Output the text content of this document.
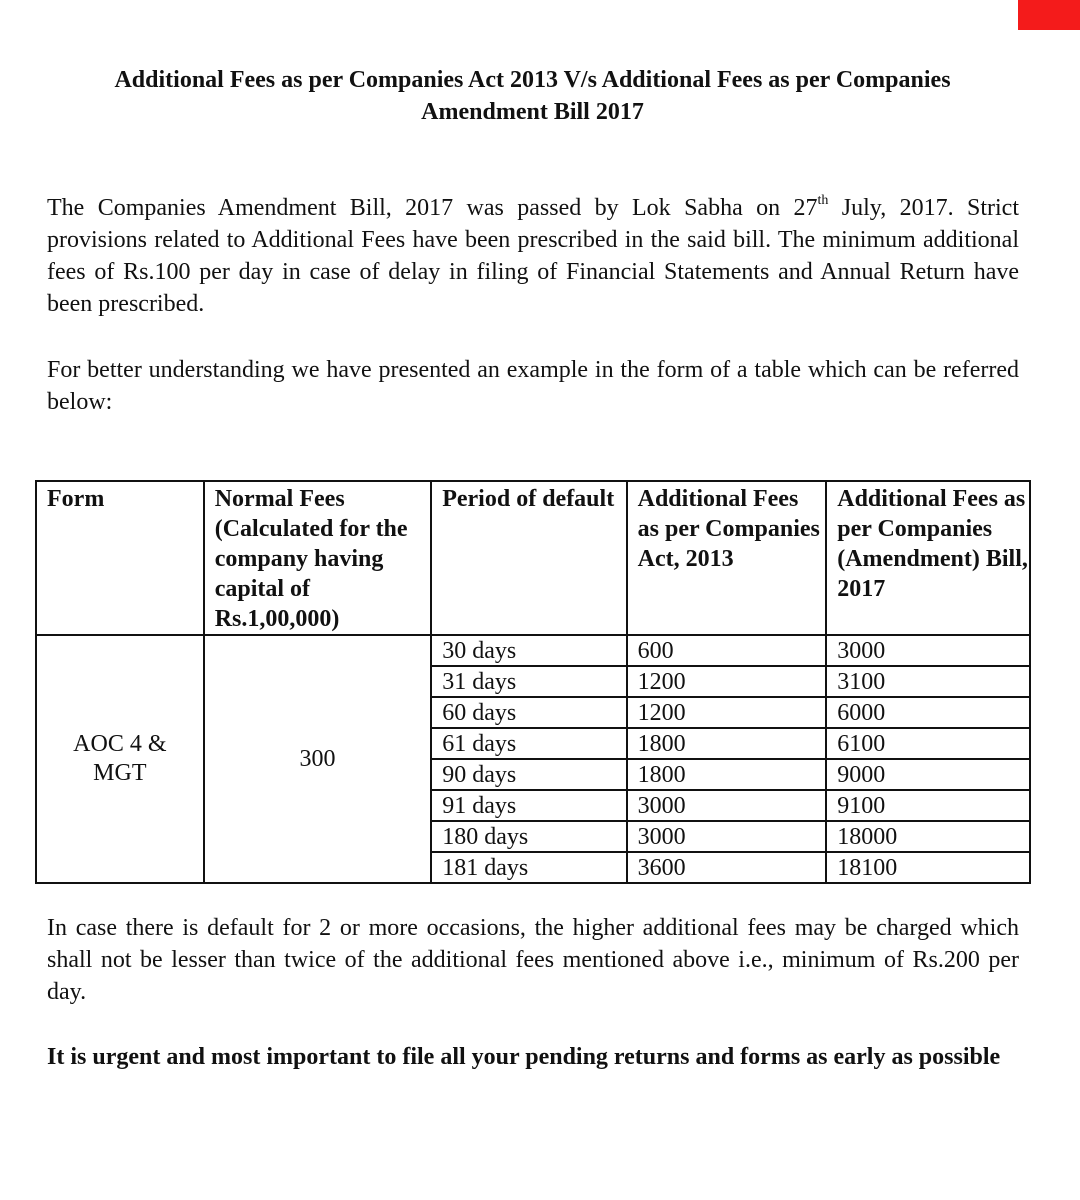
Additional Fees as per Companies Act 2013 V/s Additional Fees as per Companies
Amendment Bill 2017

The Companies Amendment Bill, 2017 was passed by Lok Sabha on 27th July, 2017. Strict provisions related to Additional Fees have been prescribed in the said bill. The minimum additional fees of Rs.100 per day in case of delay in filing of Financial Statements and Annual Return have been prescribed.

For better understanding we have presented an example in the form of a table which can be referred below:

Form	Normal Fees (Calculated for the company having capital of Rs.1,00,000)	Period of default	Additional Fees as per Companies Act, 2013	Additional Fees as per Companies (Amendment) Bill, 2017
AOC 4 & MGT	300	30 days	600	3000
		31 days	1200	3100
		60 days	1200	6000
		61 days	1800	6100
		90 days	1800	9000
		91 days	3000	9100
		180 days	3000	18000
		181 days	3600	18100

In case there is default for 2 or more occasions, the higher additional fees may be charged which shall not be lesser than twice of the additional fees mentioned above i.e., minimum of Rs.200 per day.

It is urgent and most important to file all your pending returns and forms as early as possible
